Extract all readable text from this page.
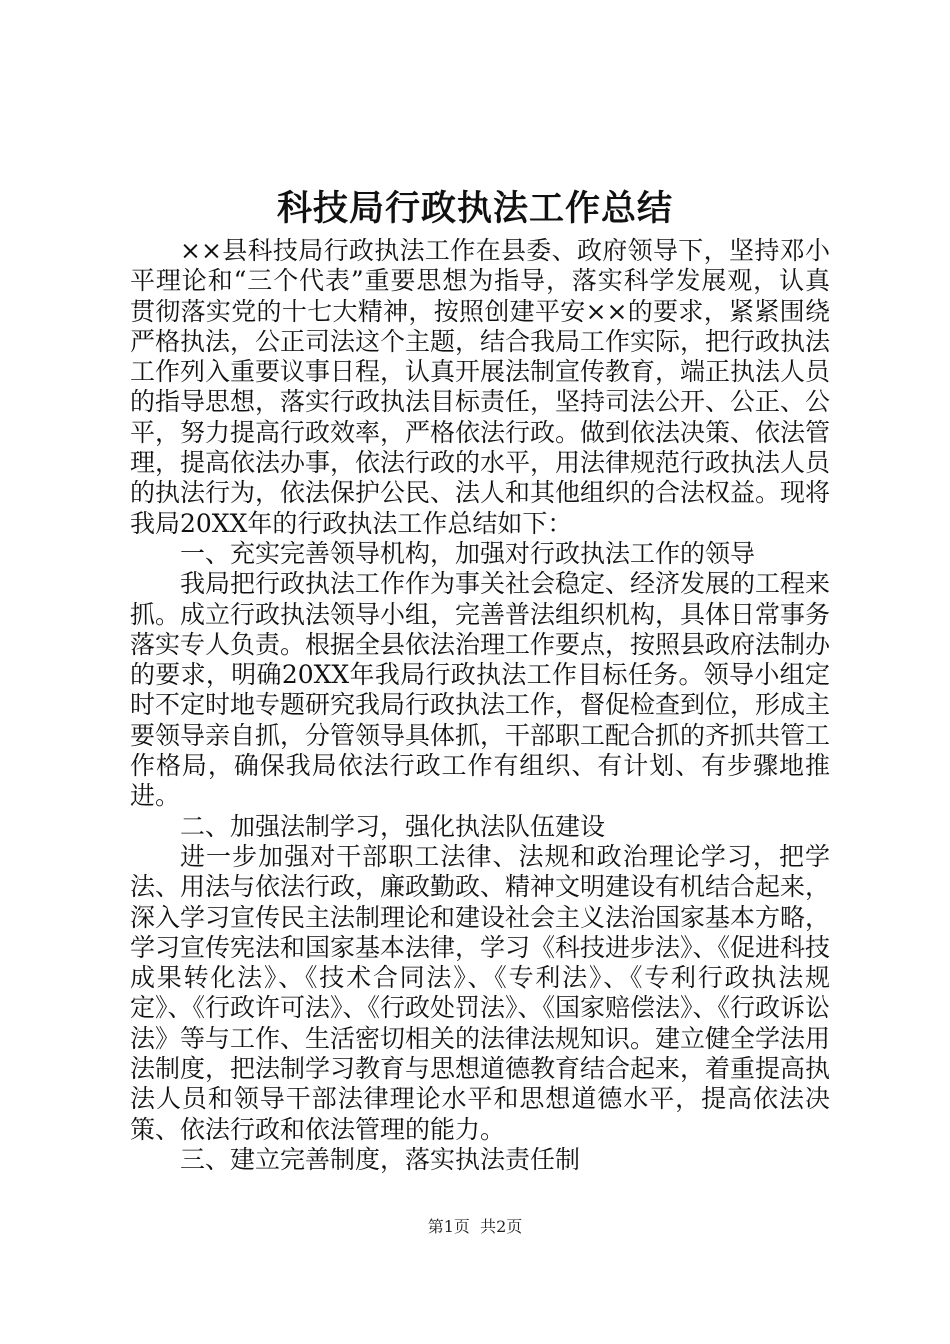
科技局行政执法工作总结

××县科技局行政执法工作在县委、政府领导下，坚持邓小平理论和“三个代表”重要思想为指导，落实科学发展观，认真贯彻落实党的十七大精神，按照创建平安××的要求，紧紧围绕严格执法，公正司法这个主题，结合我局工作实际，把行政执法工作列入重要议事日程，认真开展法制宣传教育，端正执法人员的指导思想，落实行政执法目标责任，坚持司法公开、公正、公平，努力提高行政效率，严格依法行政。做到依法决策、依法管理，提高依法办事，依法行政的水平，用法律规范行政执法人员的执法行为，依法保护公民、法人和其他组织的合法权益。现将我局20XX年的行政执法工作总结如下：

一、充实完善领导机构，加强对行政执法工作的领导

我局把行政执法工作作为事关社会稳定、经济发展的工程来抓。成立行政执法领导小组，完善普法组织机构，具体日常事务落实专人负责。根据全县依法治理工作要点，按照县政府法制办的要求，明确20XX年我局行政执法工作目标任务。领导小组定时不定时地专题研究我局行政执法工作，督促检查到位，形成主要领导亲自抓，分管领导具体抓，干部职工配合抓的齐抓共管工作格局，确保我局依法行政工作有组织、有计划、有步骤地推进。

二、加强法制学习，强化执法队伍建设

进一步加强对干部职工法律、法规和政治理论学习，把学法、用法与依法行政，廉政勤政、精神文明建设有机结合起来，深入学习宣传民主法制理论和建设社会主义法治国家基本方略，学习宣传宪法和国家基本法律，学习《科技进步法》、《促进科技成果转化法》、《技术合同法》、《专利法》、《专利行政执法规定》、《行政许可法》、《行政处罚法》、《国家赔偿法》、《行政诉讼法》等与工作、生活密切相关的法律法规知识。建立健全学法用法制度，把法制学习教育与思想道德教育结合起来，着重提高执法人员和领导干部法律理论水平和思想道德水平，提高依法决策、依法行政和依法管理的能力。

三、建立完善制度，落实执法责任制

第1页  共2页
